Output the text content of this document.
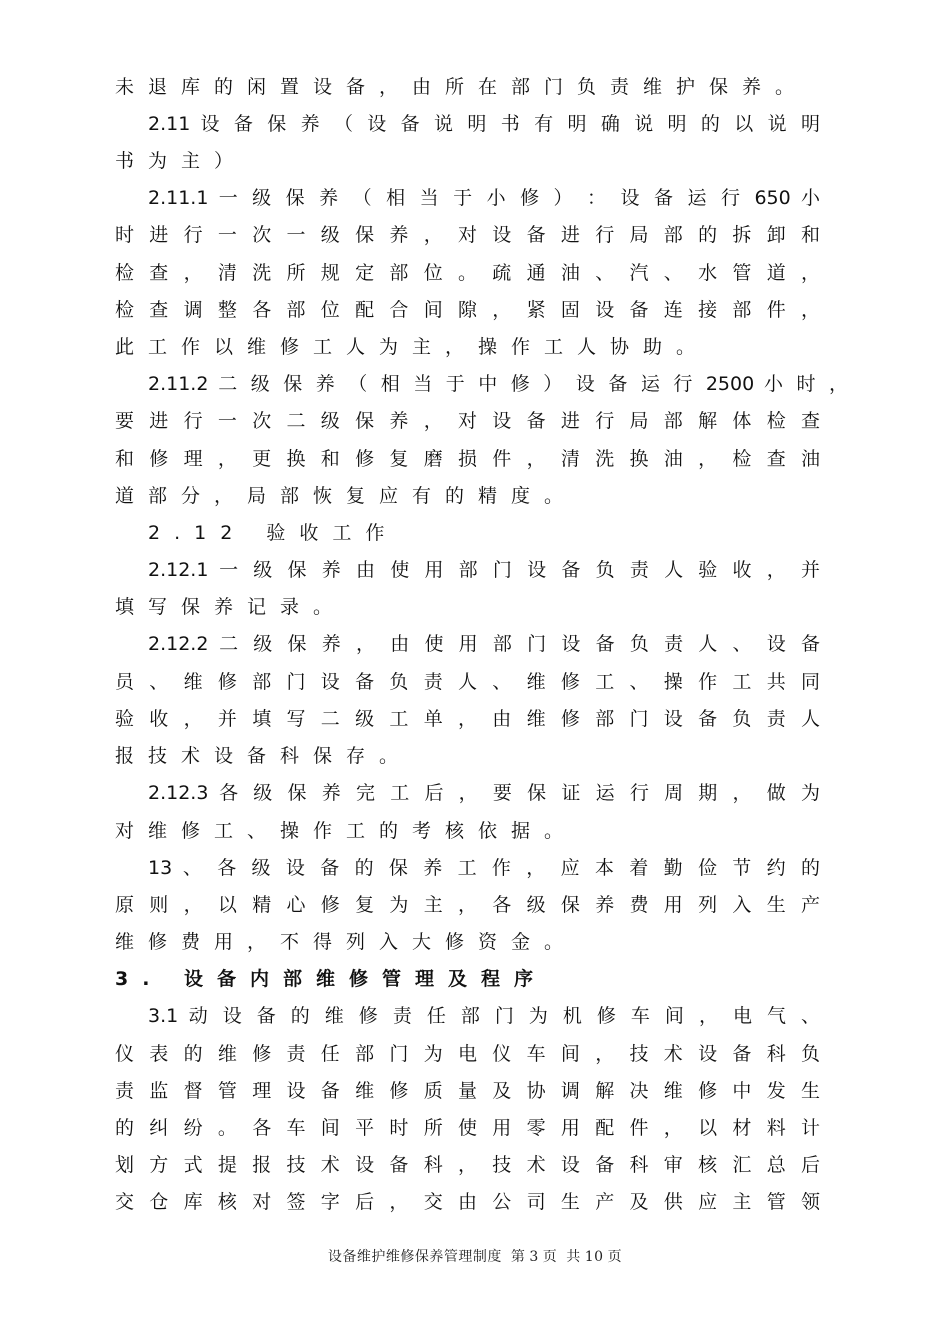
未退库的闲置设备，由所在部门负责维护保养。
2.11 设 备 保 养 （ 设 备 说 明 书 有 明 确 说 明 的 以 说 明
书为主）
2.11.1 一 级 保 养 （ 相 当 于 小 修 ） ： 设 备 运 行 650 小
时 进 行 一 次 一 级 保 养 ， 对 设 备 进 行 局 部 的 拆 卸 和
检 查 ， 清 洗 所 规 定 部 位 。 疏 通 油 、 汽 、 水 管 道 ，
检 查 调 整 各 部 位 配 合 间 隙 ， 紧 固 设 备 连 接 部 件 ，
此工作以维修工人为主，操作工人协助。
2.11.2 二 级 保 养 （ 相 当 于 中 修 ） 设 备 运 行 2500 小 时 ，
要 进 行 一 次 二 级 保 养 ， 对 设 备 进 行 局 部 解 体 检 查
和 修 理 ， 更 换 和 修 复 磨 损 件 ， 清 洗 换 油 ， 检 查 油
道部分，局部恢复应有的精度。
2.12 验收工作
2.12.1 一 级 保 养 由 使 用 部 门 设 备 负 责 人 验 收 ， 并
填写保养记录。
2.12.2 二 级 保 养 ， 由 使 用 部 门 设 备 负 责 人 、 设 备
员 、 维 修 部 门 设 备 负 责 人 、 维 修 工 、 操 作 工 共 同
验 收 ， 并 填 写 二 级 工 单 ， 由 维 修 部 门 设 备 负 责 人
报技术设备科保存。
2.12.3 各 级 保 养 完 工 后 ， 要 保 证 运 行 周 期 ， 做 为
对维修工、操作工的考核依据。
13 、 各 级 设 备 的 保 养 工 作 ， 应 本 着 勤 俭 节 约 的
原 则 ， 以 精 心 修 复 为 主 ， 各 级 保 养 费 用 列 入 生 产
维修费用，不得列入大修资金。
3. 设备内部维修管理及程序
3.1 动 设 备 的 维 修 责 任 部 门 为 机 修 车 间 ， 电 气 、
仪 表 的 维 修 责 任 部 门 为 电 仪 车 间 ， 技 术 设 备 科 负
责 监 督 管 理 设 备 维 修 质 量 及 协 调 解 决 维 修 中 发 生
的 纠 纷 。 各 车 间 平 时 所 使 用 零 用 配 件 ， 以 材 料 计
划 方 式 提 报 技 术 设 备 科 ， 技 术 设 备 科 审 核 汇 总 后
交 仓 库 核 对 签 字 后 ， 交 由 公 司 生 产 及 供 应 主 管 领
设备维护维修保养管理制度 第 3 页 共 10 页
